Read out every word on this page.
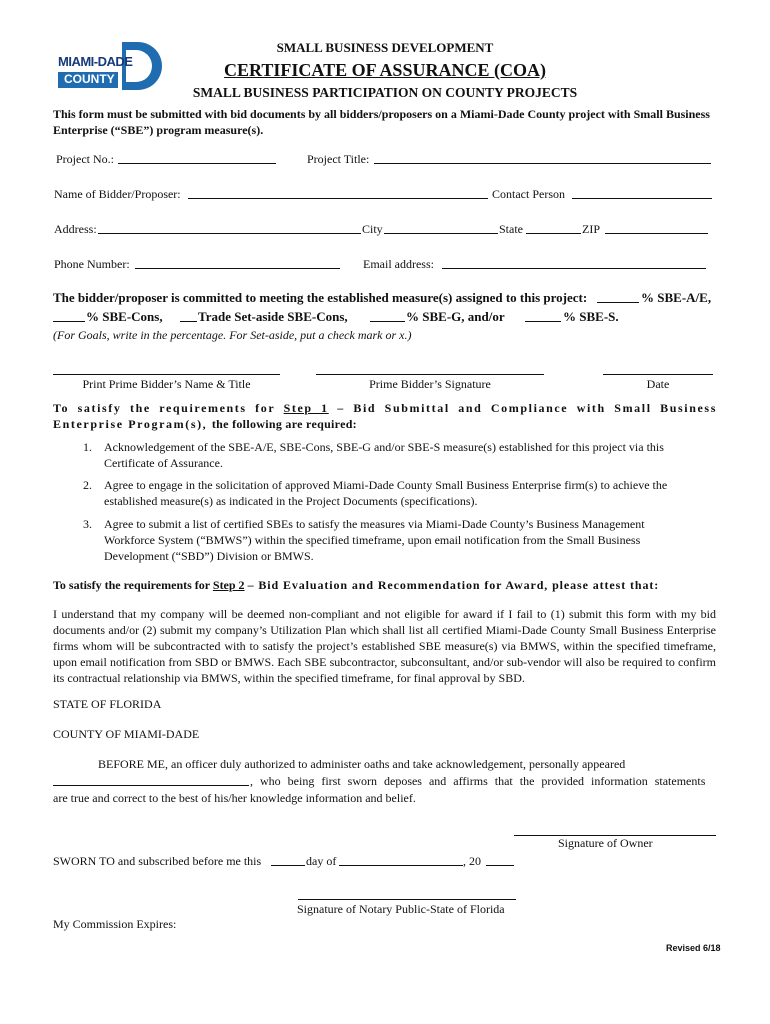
MIAMI-DADE
COUNTY
SMALL BUSINESS DEVELOPMENT
CERTIFICATE OF ASSURANCE (COA)
SMALL BUSINESS PARTICIPATION ON COUNTY PROJECTS
This form must be submitted with bid documents by all bidders/proposers on a Miami-Dade County project with Small Business Enterprise (“SBE”) program measure(s).
Project No.:	Project Title:
Name of Bidder/Proposer:	Contact Person
Address:	City	State	ZIP
Phone Number:	Email address:
The bidder/proposer is committed to meeting the established measure(s) assigned to this project:	% SBE-A/E,
% SBE-Cons,	Trade Set-aside SBE-Cons,	% SBE-G, and/or	% SBE-S.
(For Goals, write in the percentage. For Set-aside, put a check mark or x.)
Print Prime Bidder’s Name & Title	Prime Bidder’s Signature	Date
To satisfy the requirements for Step 1 – Bid Submittal and Compliance with Small Business Enterprise Program(s), the following are required:
1. Acknowledgement of the SBE-A/E, SBE-Cons, SBE-G and/or SBE-S measure(s) established for this project via this Certificate of Assurance.
2. Agree to engage in the solicitation of approved Miami-Dade County Small Business Enterprise firm(s) to achieve the established measure(s) as indicated in the Project Documents (specifications).
3. Agree to submit a list of certified SBEs to satisfy the measures via Miami-Dade County’s Business Management Workforce System (“BMWS”) within the specified timeframe, upon email notification from the Small Business Development (“SBD”) Division or BMWS.
To satisfy the requirements for Step 2 – Bid Evaluation and Recommendation for Award, please attest that:
I understand that my company will be deemed non-compliant and not eligible for award if I fail to (1) submit this form with my bid documents and/or (2) submit my company’s Utilization Plan which shall list all certified Miami-Dade County Small Business Enterprise firms whom will be subcontracted with to satisfy the project’s established SBE measure(s) via BMWS, within the specified timeframe, upon email notification from SBD or BMWS. Each SBE subcontractor, subconsultant, and/or sub-vendor will also be required to confirm its contractual relationship via BMWS, within the specified timeframe, for final approval by SBD.
STATE OF FLORIDA
COUNTY OF MIAMI-DADE
BEFORE ME, an officer duly authorized to administer oaths and take acknowledgement, personally appeared
, who being first sworn deposes and affirms that the provided information statements
are true and correct to the best of his/her knowledge information and belief.
Signature of Owner
SWORN TO and subscribed before me this	day of	, 20
Signature of Notary Public-State of Florida
My Commission Expires:
Revised 6/18
